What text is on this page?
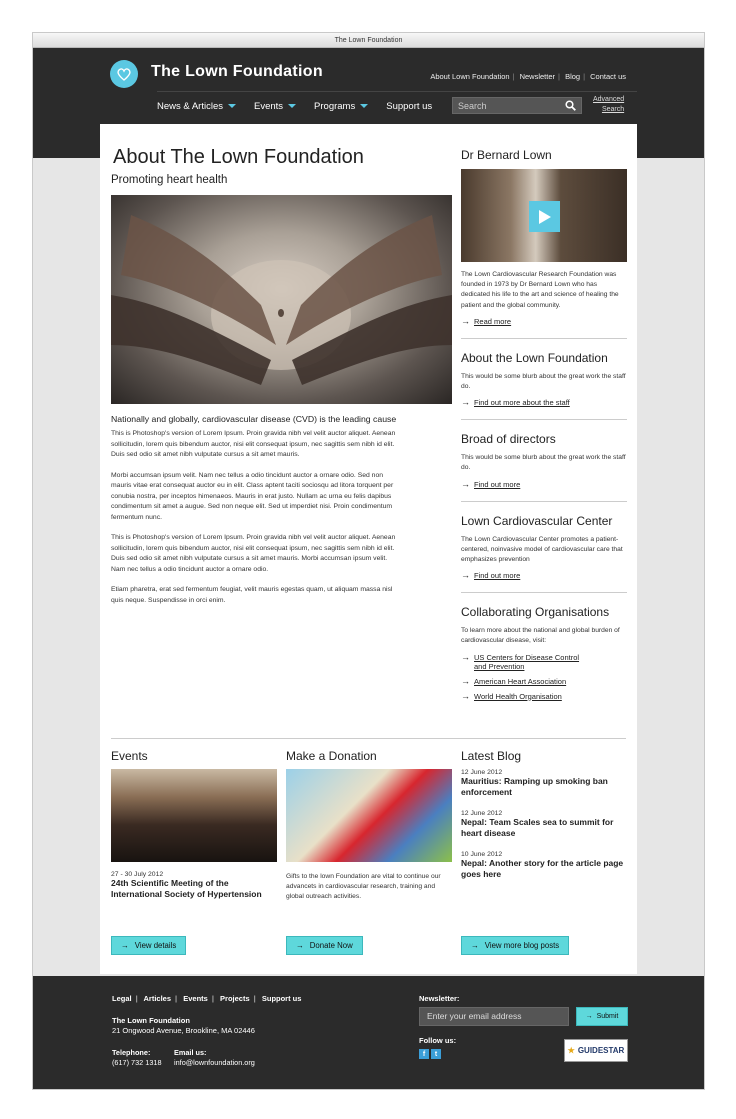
The Lown Foundation
The Lown Foundation	About Lown Foundation | Newsletter | Blog | Contact us
News & Articles	Events	Programs	Support us	Search
Advanced
Search
About The Lown Foundation
Promoting heart health
Nationally and globally, cardiovascular disease (CVD) is the leading cause

This is Photoshop's version of Lorem Ipsum. Proin gravida nibh vel velit auctor aliquet. Aenean sollicitudin, lorem quis bibendum auctor, nisi elit consequat ipsum, nec sagittis sem nibh id elit. Duis sed odio sit amet nibh vulputate cursus a sit amet mauris.

Morbi accumsan ipsum velit. Nam nec tellus a odio tincidunt auctor a ornare odio. Sed non mauris vitae erat consequat auctor eu in elit. Class aptent taciti sociosqu ad litora torquent per conubia nostra, per inceptos himenaeos. Mauris in erat justo. Nullam ac urna eu felis dapibus condimentum sit amet a augue. Sed non neque elit. Sed ut imperdiet nisi. Proin condimentum fermentum nunc.

This is Photoshop's version of Lorem Ipsum. Proin gravida nibh vel velit auctor aliquet. Aenean sollicitudin, lorem quis bibendum auctor, nisi elit consequat ipsum, nec sagittis sem nibh id elit. Duis sed odio sit amet nibh vulputate cursus a sit amet mauris. Morbi accumsan ipsum velit. Nam nec tellus a odio tincidunt auctor a ornare odio.

Etiam pharetra, erat sed fermentum feugiat, velit mauris egestas quam, ut aliquam massa nisl quis neque. Suspendisse in orci enim.

Dr Bernard Lown
The Lown Cardiovascular Research Foundation was founded in 1973 by Dr Bernard Lown who has dedicated his life to the art and science of healing the patient and the global community.
→ Read more
About the Lown Foundation
This would be some blurb about the great work the staff do.
→ Find out more about the staff
Broad of directors
This would be some blurb about the great work the staff do.
→ Find out more
Lown Cardiovascular Center
The Lown Cardiovascular Center promotes a patient-centered, noinvasive model of cardiovascular care that emphasizes prevention
→ Find out more
Collaborating Organisations
To learn more about the national and global burden of cardiovascular disease, visit:
→ US Centers for Disease Control
and Prevention
→ American Heart Association
→ World Health Organisation
Events
27 - 30 July 2012
24th Scientific Meeting of the International Society of Hypertension
→ View details
Make a Donation
Gifts to the lown Foundation are vital to continue our advancets in cardiovascular research, training and global outreach activities.
→ Donate Now
Latest Blog
12 June 2012
Mauritius: Ramping up smoking ban enforcement
12 June 2012
Nepal: Team Scales sea to summit for heart disease
10 June 2012
Nepal: Another story for the article page goes here
→ View more blog posts
Legal | Articles | Events | Projects | Support us
The Lown Foundation
21 Ongwood Avenue, Brookline, MA 02446
Telephone:
(617) 732 1318
Email us:
info@lownfoundation.org
Newsletter:
Enter your email address	→ Submit
Follow us:
f	t	★ GUIDESTAR
